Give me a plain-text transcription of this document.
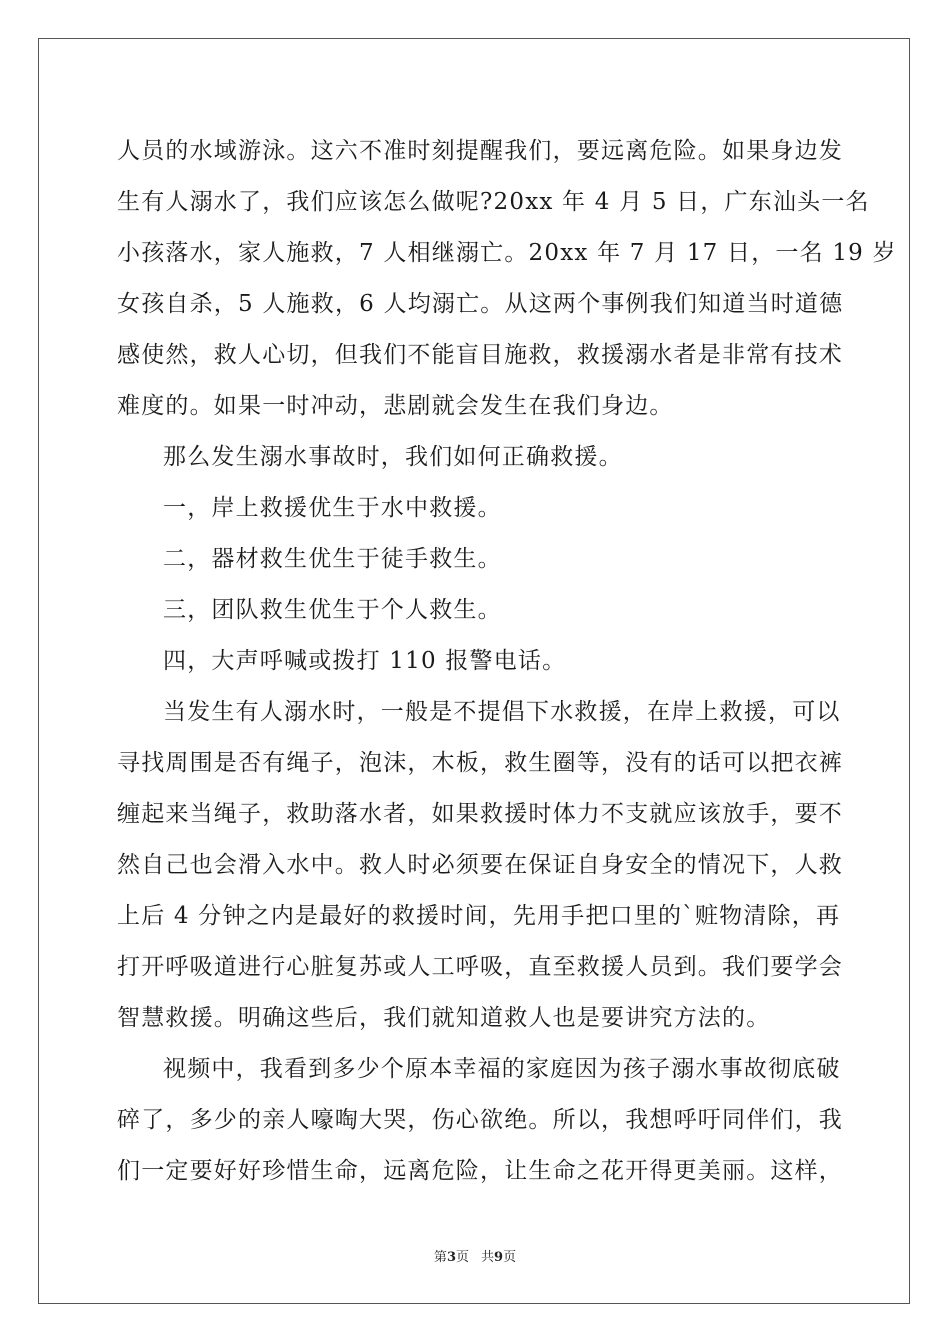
人员的水域游泳。这六不准时刻提醒我们，要远离危险。如果身边发
生有人溺水了，我们应该怎么做呢?20xx 年 4 月 5 日，广东汕头一名
小孩落水，家人施救，7 人相继溺亡。20xx 年 7 月 17 日，一名 19 岁
女孩自杀，5 人施救，6 人均溺亡。从这两个事例我们知道当时道德
感使然，救人心切，但我们不能盲目施救，救援溺水者是非常有技术
难度的。如果一时冲动，悲剧就会发生在我们身边。
那么发生溺水事故时，我们如何正确救援。
一，岸上救援优生于水中救援。
二，器材救生优生于徒手救生。
三，团队救生优生于个人救生。
四，大声呼喊或拨打 110 报警电话。
当发生有人溺水时，一般是不提倡下水救援，在岸上救援，可以
寻找周围是否有绳子，泡沫，木板，救生圈等，没有的话可以把衣裤
缠起来当绳子，救助落水者，如果救援时体力不支就应该放手，要不
然自己也会滑入水中。救人时必须要在保证自身安全的情况下，人救
上后 4 分钟之内是最好的救援时间，先用手把口里的`赃物清除，再
打开呼吸道进行心脏复苏或人工呼吸，直至救援人员到。我们要学会
智慧救援。明确这些后，我们就知道救人也是要讲究方法的。
视频中，我看到多少个原本幸福的家庭因为孩子溺水事故彻底破
碎了，多少的亲人嚎啕大哭，伤心欲绝。所以，我想呼吁同伴们，我
们一定要好好珍惜生命，远离危险，让生命之花开得更美丽。这样，
第3页 共9页
